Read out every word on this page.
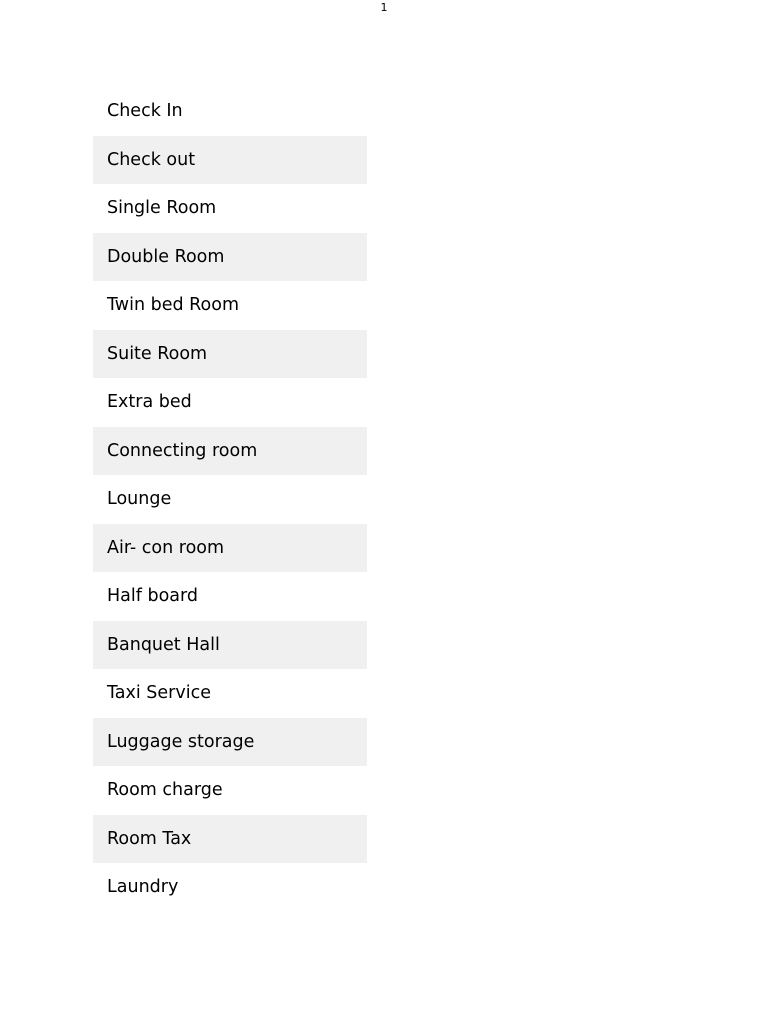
1
Check In
Check out
Single Room
Double Room
Twin bed Room
Suite Room
Extra bed
Connecting room
Lounge
Air- con room
Half board
Banquet Hall
Taxi Service
Luggage storage
Room charge
Room Tax
Laundry
